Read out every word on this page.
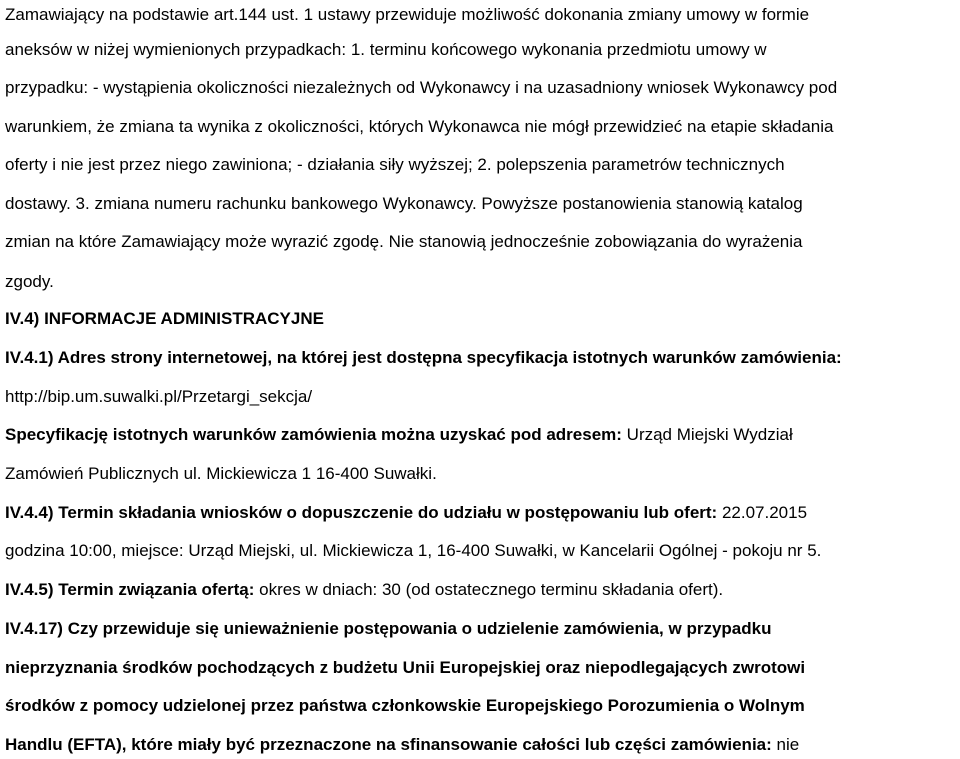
Zamawiający na podstawie art.144 ust. 1 ustawy przewiduje możliwość dokonania zmiany umowy w formie
aneksów w niżej wymienionych przypadkach: 1. terminu końcowego wykonania przedmiotu umowy w
przypadku: - wystąpienia okoliczności niezależnych od Wykonawcy i na uzasadniony wniosek Wykonawcy pod
warunkiem, że zmiana ta wynika z okoliczności, których Wykonawca nie mógł przewidzieć na etapie składania
oferty i nie jest przez niego zawiniona; - działania siły wyższej; 2. polepszenia parametrów technicznych
dostawy. 3. zmiana numeru rachunku bankowego Wykonawcy. Powyższe postanowienia stanowią katalog
zmian na które Zamawiający może wyrazić zgodę. Nie stanowią jednocześnie zobowiązania do wyrażenia
zgody.
IV.4) INFORMACJE ADMINISTRACYJNE
IV.4.1) Adres strony internetowej, na której jest dostępna specyfikacja istotnych warunków zamówienia:
http://bip.um.suwalki.pl/Przetargi_sekcja/
Specyfikację istotnych warunków zamówienia można uzyskać pod adresem: Urząd Miejski Wydział
Zamówień Publicznych ul. Mickiewicza 1 16-400 Suwałki.
IV.4.4) Termin składania wniosków o dopuszczenie do udziału w postępowaniu lub ofert: 22.07.2015
godzina 10:00, miejsce: Urząd Miejski, ul. Mickiewicza 1, 16-400 Suwałki, w Kancelarii Ogólnej - pokoju nr 5.
IV.4.5) Termin związania ofertą: okres w dniach: 30 (od ostatecznego terminu składania ofert).
IV.4.17) Czy przewiduje się unieważnienie postępowania o udzielenie zamówienia, w przypadku
nieprzyznania środków pochodzących z budżetu Unii Europejskiej oraz niepodlegających zwrotowi
środków z pomocy udzielonej przez państwa członkowskie Europejskiego Porozumienia o Wolnym
Handlu (EFTA), które miały być przeznaczone na sfinansowanie całości lub części zamówienia: nie
